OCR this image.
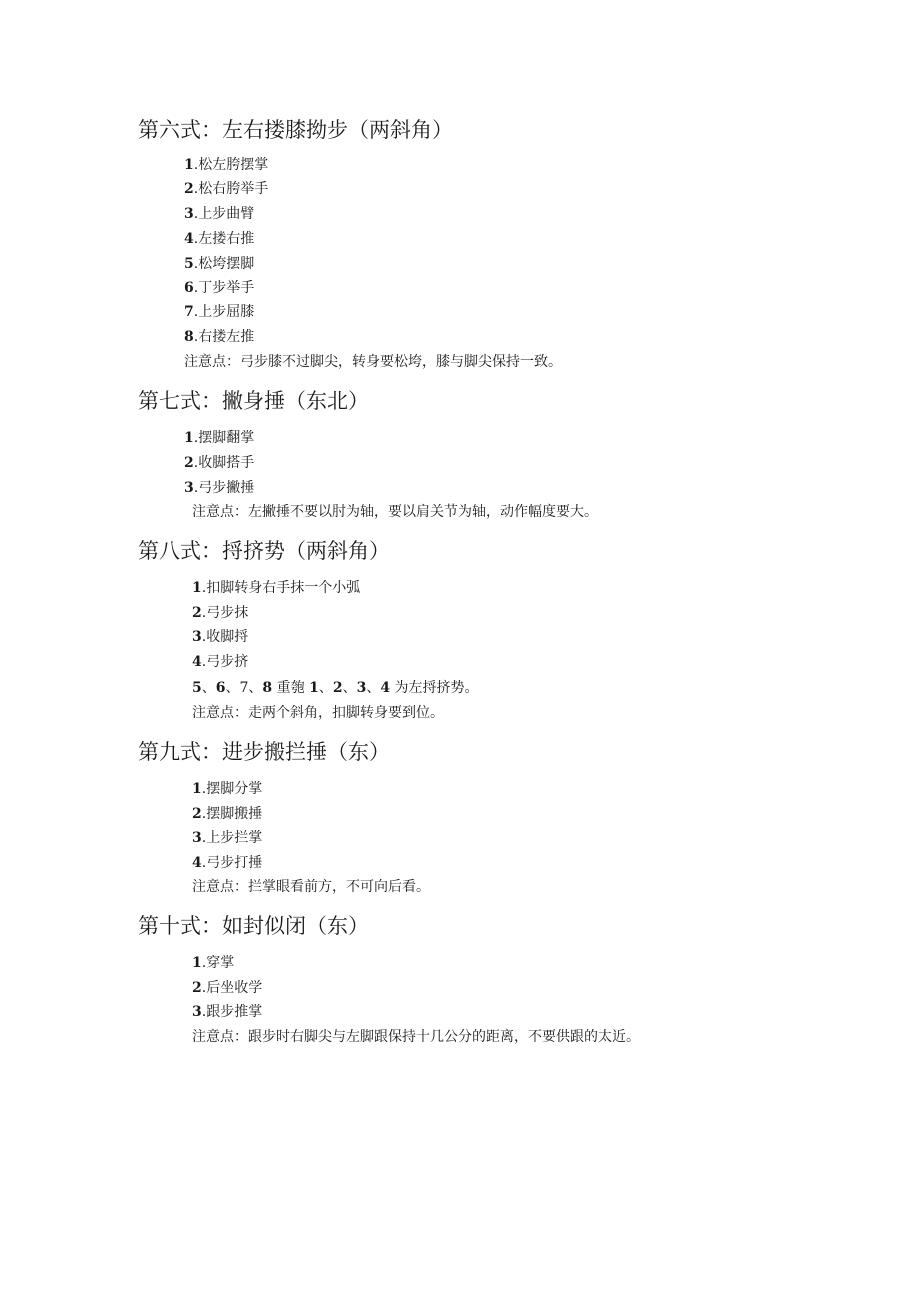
第六式：左右搂膝拗步（两斜角）
1.松左胯摆掌
2.松右胯举手
3.上步曲臂
4.左搂右推
5.松垮摆脚
6.丁步举手
7.上步屈膝
8.右搂左推
注意点：弓步膝不过脚尖，转身要松垮，膝与脚尖保持一致。
第七式：撇身捶（东北）
1.摆脚翻掌
2.收脚搭手
3.弓步撇捶
注意点：左撇捶不要以肘为轴，要以肩关节为轴，动作幅度要大。
第八式：捋挤势（两斜角）
1.扣脚转身右手抹一个小弧
2.弓步抹
3.收脚捋
4.弓步挤
5、6、7、8 重匏 1、2、3、4 为左捋挤势。
注意点：走两个斜角，扣脚转身要到位。
第九式：进步搬拦捶（东）
1.摆脚分掌
2.摆脚搬捶
3.上步拦掌
4.弓步打捶
注意点：拦掌眼看前方，不可向后看。
第十式：如封似闭（东）
1.穿掌
2.后坐收学
3.跟步推掌
注意点：跟步时右脚尖与左脚跟保持十几公分的距离，不要供跟的太近。
